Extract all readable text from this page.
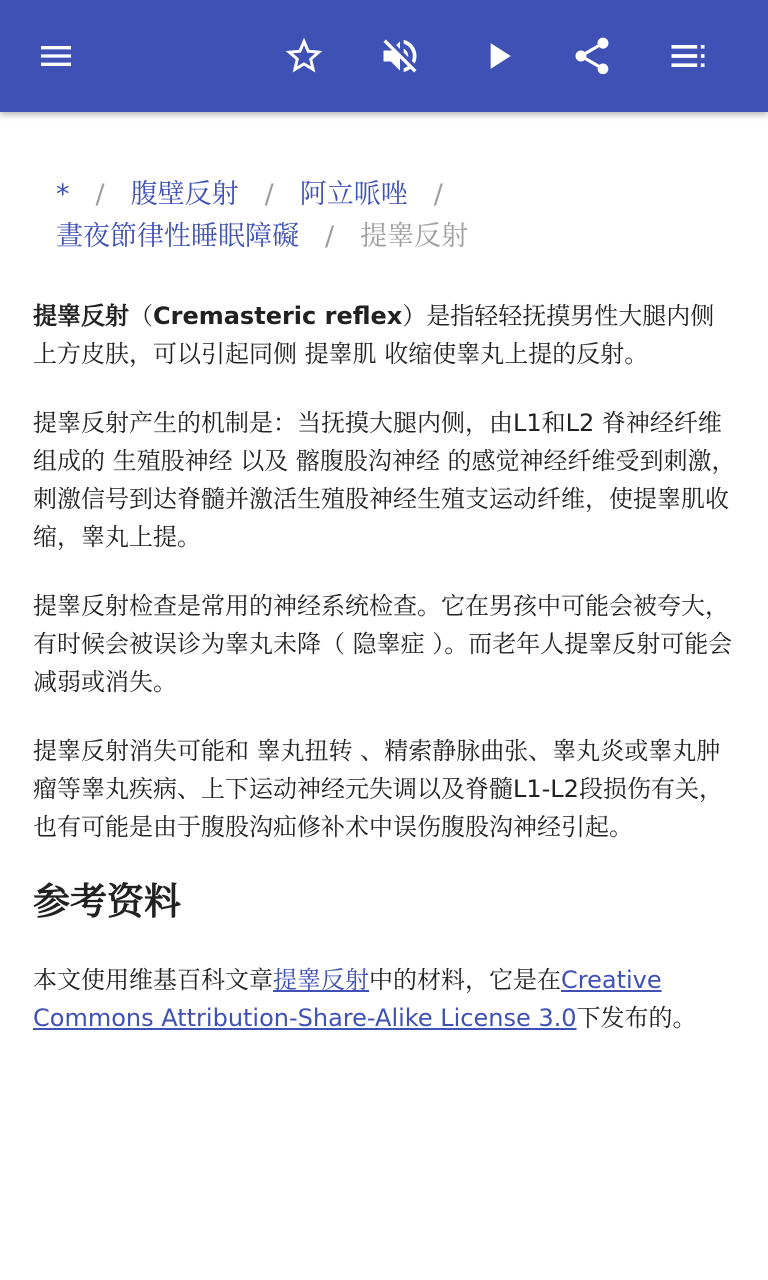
* / 腹壁反射 / 阿立哌唑 /
晝夜節律性睡眠障礙 / 提睾反射

提睾反射（Cremasteric reflex）是指轻轻抚摸男性大腿内侧上方皮肤，可以引起同侧 提睾肌 收缩使睾丸上提的反射。

提睾反射产生的机制是：当抚摸大腿内侧，由L1和L2 脊神经纤维组成的 生殖股神经 以及 髂腹股沟神经 的感觉神经纤维受到刺激，刺激信号到达脊髓并激活生殖股神经生殖支运动纤维，使提睾肌收缩，睾丸上提。

提睾反射检查是常用的神经系统检查。它在男孩中可能会被夸大，有时候会被误诊为睾丸未降（ 隐睾症 ）。而老年人提睾反射可能会减弱或消失。

提睾反射消失可能和 睾丸扭转 、精索静脉曲张、睾丸炎或睾丸肿瘤等睾丸疾病、上下运动神经元失调以及脊髓L1-L2段损伤有关，也有可能是由于腹股沟疝修补术中误伤腹股沟神经引起。

参考资料

本文使用维基百科文章提睾反射中的材料，它是在Creative Commons Attribution-Share-Alike License 3.0下发布的。
